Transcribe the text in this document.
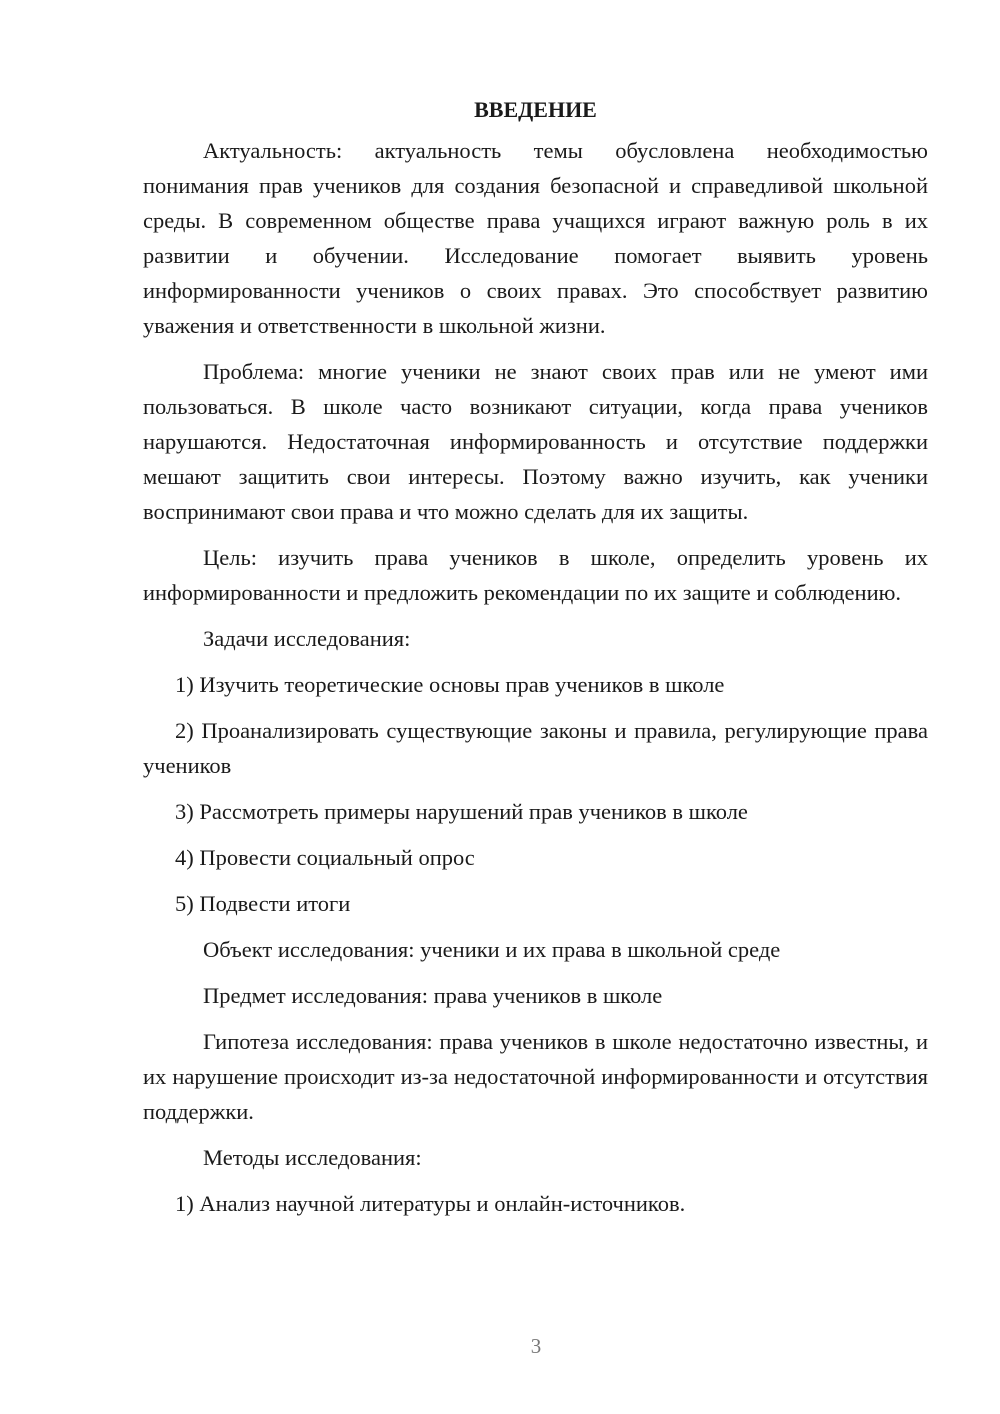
ВВЕДЕНИЕ

Актуальность: актуальность темы обусловлена необходимостью понимания прав учеников для создания безопасной и справедливой школьной среды. В современном обществе права учащихся играют важную роль в их развитии и обучении. Исследование помогает выявить уровень информированности учеников о своих правах. Это способствует развитию уважения и ответственности в школьной жизни.

Проблема: многие ученики не знают своих прав или не умеют ими пользоваться. В школе часто возникают ситуации, когда права учеников нарушаются. Недостаточная информированность и отсутствие поддержки мешают защитить свои интересы. Поэтому важно изучить, как ученики воспринимают свои права и что можно сделать для их защиты.

Цель: изучить права учеников в школе, определить уровень их информированности и предложить рекомендации по их защите и соблюдению.

Задачи исследования:

1) Изучить теоретические основы прав учеников в школе

2) Проанализировать существующие законы и правила, регулирующие права учеников

3) Рассмотреть примеры нарушений прав учеников в школе

4) Провести социальный опрос

5) Подвести итоги

Объект исследования: ученики и их права в школьной среде

Предмет исследования: права учеников в школе

Гипотеза исследования: права учеников в школе недостаточно известны, и их нарушение происходит из-за недостаточной информированности и отсутствия поддержки.

Методы исследования:

1) Анализ научной литературы и онлайн-источников.

3
